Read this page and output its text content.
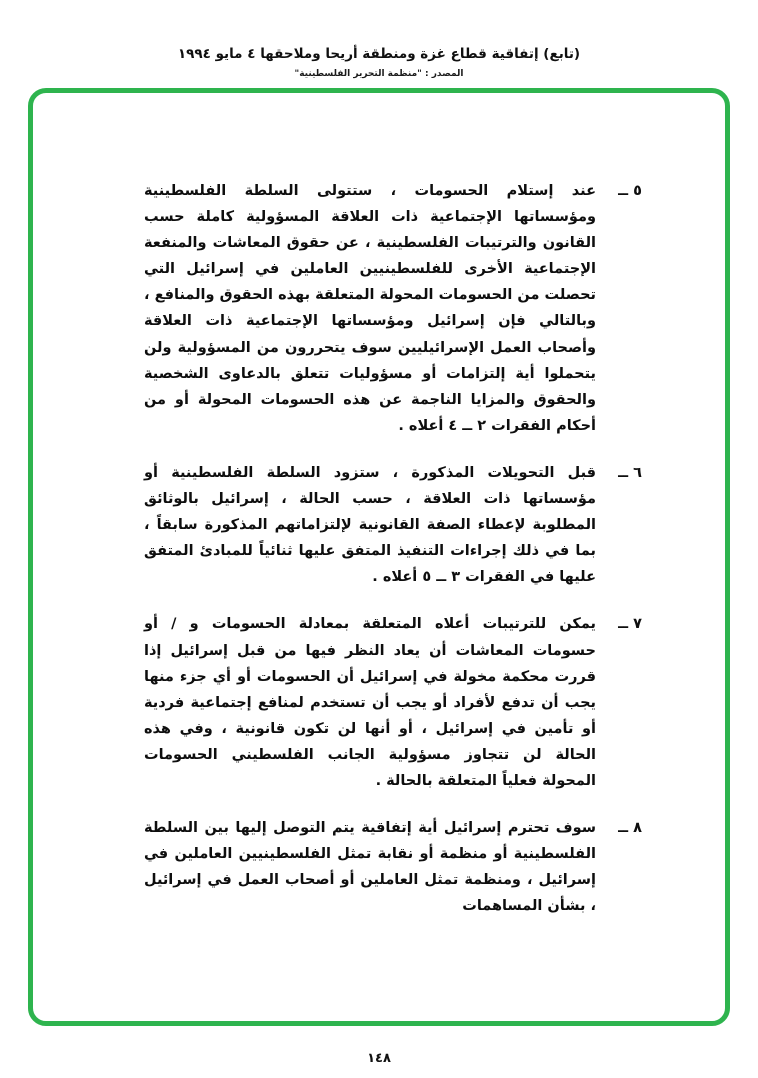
(تابع) إتفاقية قطاع غزة ومنطقة أريحا وملاحقها ٤ مايو ١٩٩٤
المصدر : "منظمة التحرير الفلسطينية"
٥ ــ
عند إستلام الحسومات ، ستتولى السلطة الفلسطينية ومؤسساتها الإجتماعية ذات العلاقة المسؤولية كاملة حسب القانون والترتيبات الفلسطينية ، عن حقوق المعاشات والمنفعة الإجتماعية الأخرى للفلسطينيين العاملين في إسرائيل التي تحصلت من الحسومات المحولة المتعلقة بهذه الحقوق والمنافع ، وبالتالي فإن إسرائيل ومؤسساتها الإجتماعية ذات العلاقة وأصحاب العمل الإسرائيليين سوف يتحررون من المسؤولية ولن يتحملوا أية إلتزامات أو مسؤوليات تتعلق بالدعاوى الشخصية والحقوق والمزايا الناجمة عن هذه الحسومات المحولة أو من أحكام الفقرات ٢ ــ ٤ أعلاه .
٦ ــ
قبل التحويلات المذكورة ، ستزود السلطة الفلسطينية أو مؤسساتها ذات العلاقة ، حسب الحالة ، إسرائيل بالوثائق المطلوبة لإعطاء الصفة القانونية لإلتزاماتهم المذكورة سابقاً ، بما في ذلك إجراءات التنفيذ المتفق عليها ثنائياً للمبادئ المتفق عليها في الفقرات ٣ ــ ٥ أعلاه .
٧ ــ
يمكن للترتيبات أعلاه المتعلقة بمعادلة الحسومات و / أو حسومات المعاشات أن يعاد النظر فيها من قبل إسرائيل إذا قررت محكمة مخولة في إسرائيل أن الحسومات أو أي جزء منها يجب أن تدفع لأفراد أو يجب أن تستخدم لمنافع إجتماعية فردية أو تأمين في إسرائيل ، أو أنها لن تكون قانونية ، وفي هذه الحالة لن تتجاوز مسؤولية الجانب الفلسطيني الحسومات المحولة فعلياً المتعلقة بالحالة .
٨ ــ
سوف تحترم إسرائيل أية إتفاقية يتم التوصل إليها بين السلطة الفلسطينية أو منظمة أو نقابة تمثل الفلسطينيين العاملين في إسرائيل ، ومنظمة تمثل العاملين أو أصحاب العمل في إسرائيل ، بشأن المساهمات
١٤٨
